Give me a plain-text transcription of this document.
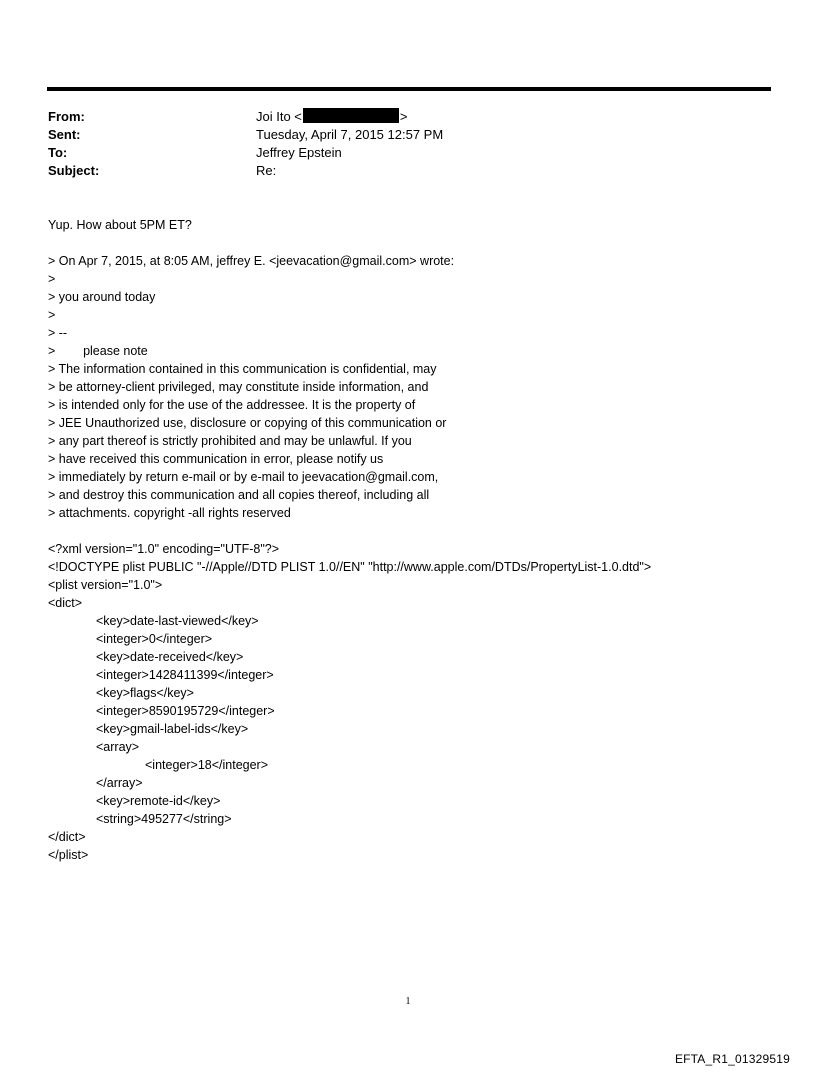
From:	Joi Ito <	>
Sent:	Tuesday, April 7, 2015 12:57 PM
To:	Jeffrey Epstein
Subject:	Re:
Yup. How about 5PM ET?
> On Apr 7, 2015, at 8:05 AM, jeffrey E. <jeevacation@gmail.com> wrote:
>
> you around today
>
> --
>        please note
> The information contained in this communication is confidential, may
> be attorney-client privileged, may constitute inside information, and
> is intended only for the use of the addressee. It is the property of
> JEE Unauthorized use, disclosure or copying of this communication or
> any part thereof is strictly prohibited and may be unlawful. If you
> have received this communication in error, please notify us
> immediately by return e-mail or by e-mail to jeevacation@gmail.com,
> and destroy this communication and all copies thereof, including all
> attachments. copyright -all rights reserved
<?xml version="1.0" encoding="UTF-8"?>
<!DOCTYPE plist PUBLIC "-//Apple//DTD PLIST 1.0//EN" "http://www.apple.com/DTDs/PropertyList-1.0.dtd">
<plist version="1.0">
<dict>
<key>date-last-viewed</key>
<integer>0</integer>
<key>date-received</key>
<integer>1428411399</integer>
<key>flags</key>
<integer>8590195729</integer>
<key>gmail-label-ids</key>
<array>
<integer>18</integer>
</array>
<key>remote-id</key>
<string>495277</string>
</dict>
</plist>
1
EFTA_R1_01329519
